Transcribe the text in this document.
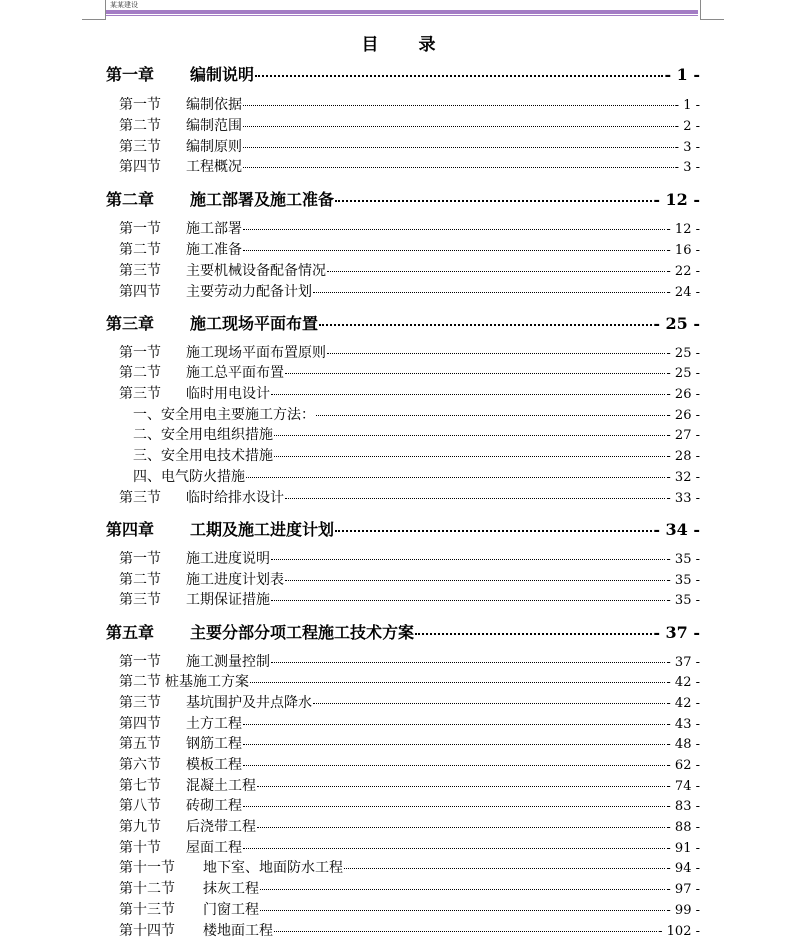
某某建设
目 录
第一章	编制说明	- 1 -
第一节	编制依据	- 1 -
第二节	编制范围	- 2 -
第三节	编制原则	- 3 -
第四节	工程概况	- 3 -
第二章	施工部署及施工准备	- 12 -
第一节	施工部署	- 12 -
第二节	施工准备	- 16 -
第三节	主要机械设备配备情况	- 22 -
第四节	主要劳动力配备计划	- 24 -
第三章	施工现场平面布置	- 25 -
第一节	施工现场平面布置原则	- 25 -
第二节	施工总平面布置	- 25 -
第三节	临时用电设计	- 26 -
一、 安全用电主要施工方法：	- 26 -
二、 安全用电组织措施	- 27 -
三、 安全用电技术措施	- 28 -
四、 电气防火措施	- 32 -
第三节	临时给排水设计	- 33 -
第四章	工期及施工进度计划	- 34 -
第一节	施工进度说明	- 35 -
第二节	施工进度计划表	- 35 -
第三节	工期保证措施	- 35 -
第五章	主要分部分项工程施工技术方案	- 37 -
第一节	施工测量控制	- 37 -
第二节 桩基施工方案	- 42 -
第三节	基坑围护及井点降水	- 42 -
第四节	土方工程	- 43 -
第五节	钢筋工程	- 48 -
第六节	模板工程	- 62 -
第七节	混凝土工程	- 74 -
第八节	砖砌工程	- 83 -
第九节	后浇带工程	- 88 -
第十节	屋面工程	- 91 -
第十一节	地下室、地面防水工程	- 94 -
第十二节	抹灰工程	- 97 -
第十三节	门窗工程	- 99 -
第十四节	楼地面工程	- 102 -
